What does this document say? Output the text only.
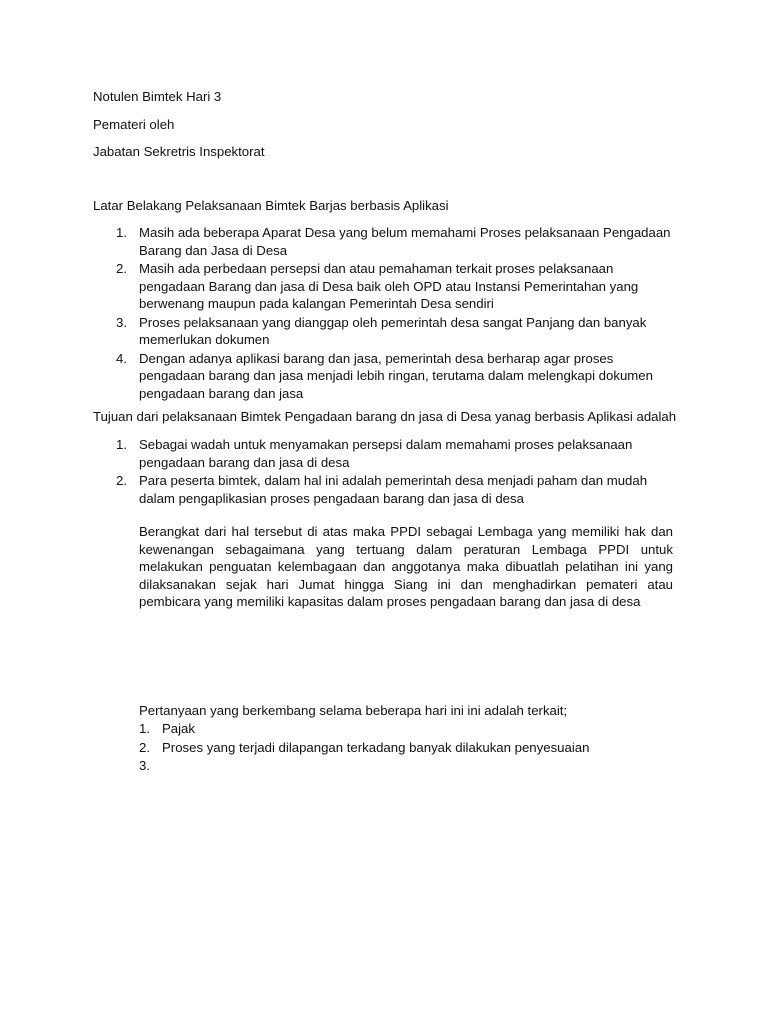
Notulen Bimtek Hari 3
Pemateri oleh
Jabatan Sekretris Inspektorat
Latar Belakang Pelaksanaan Bimtek Barjas berbasis Aplikasi
1. Masih ada beberapa Aparat Desa yang belum memahami Proses pelaksanaan Pengadaan Barang dan Jasa di Desa
2. Masih ada perbedaan persepsi dan atau pemahaman terkait proses pelaksanaan pengadaan Barang dan jasa di Desa baik oleh OPD atau Instansi Pemerintahan yang berwenang maupun pada kalangan Pemerintah Desa sendiri
3. Proses pelaksanaan yang dianggap oleh pemerintah desa sangat Panjang dan banyak memerlukan dokumen
4. Dengan adanya aplikasi barang dan jasa, pemerintah desa berharap agar proses pengadaan barang dan jasa menjadi lebih ringan, terutama dalam melengkapi dokumen pengadaan barang dan jasa
Tujuan dari pelaksanaan Bimtek Pengadaan barang dn jasa di Desa yanag berbasis Aplikasi adalah
1. Sebagai wadah untuk menyamakan persepsi dalam memahami proses pelaksanaan pengadaan barang dan jasa di desa
2. Para peserta bimtek, dalam hal ini adalah pemerintah desa menjadi paham dan mudah dalam pengaplikasian proses pengadaan barang dan jasa di desa
Berangkat dari hal tersebut di atas maka PPDI sebagai Lembaga yang memiliki hak dan kewenangan sebagaimana yang tertuang dalam peraturan Lembaga PPDI untuk melakukan penguatan kelembagaan dan anggotanya maka dibuatlah pelatihan ini yang dilaksanakan sejak hari Jumat hingga Siang ini dan menghadirkan pemateri atau pembicara yang memiliki kapasitas dalam proses pengadaan barang dan jasa di desa
Pertanyaan yang berkembang selama beberapa hari ini ini adalah terkait;
1. Pajak
2. Proses yang terjadi dilapangan terkadang banyak dilakukan penyesuaian
3.
